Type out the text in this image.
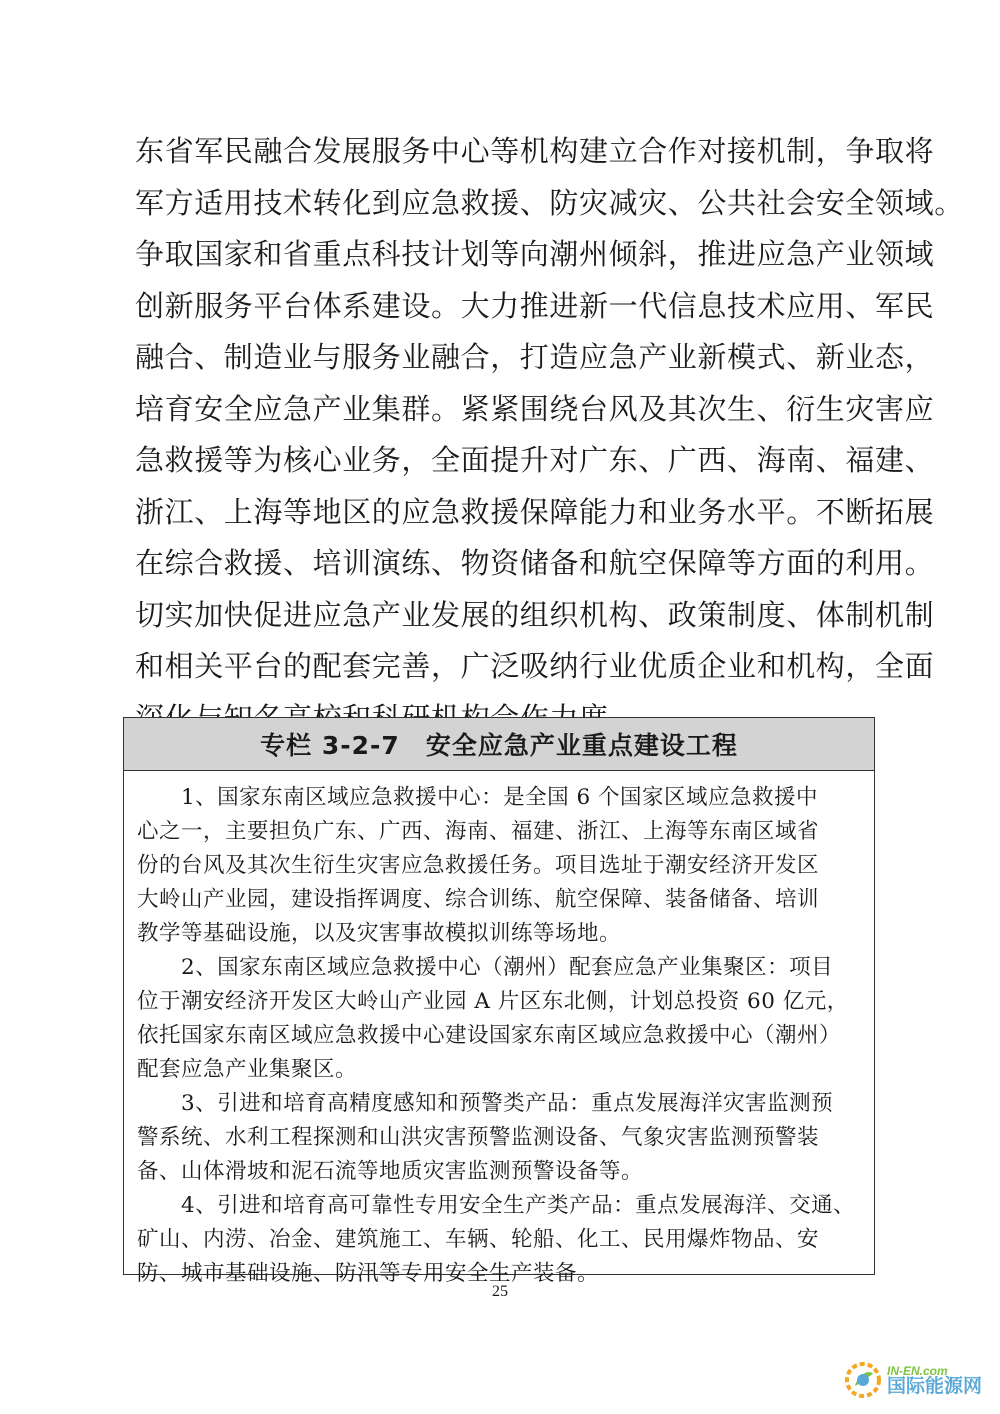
东省军民融合发展服务中心等机构建立合作对接机制，争取将
军方适用技术转化到应急救援、防灾减灾、公共社会安全领域。
争取国家和省重点科技计划等向潮州倾斜，推进应急产业领域
创新服务平台体系建设。大力推进新一代信息技术应用、军民
融合、制造业与服务业融合，打造应急产业新模式、新业态，
培育安全应急产业集群。紧紧围绕台风及其次生、衍生灾害应
急救援等为核心业务，全面提升对广东、广西、海南、福建、
浙江、上海等地区的应急救援保障能力和业务水平。不断拓展
在综合救援、培训演练、物资储备和航空保障等方面的利用。
切实加快促进应急产业发展的组织机构、政策制度、体制机制
和相关平台的配套完善，广泛吸纳行业优质企业和机构，全面
专栏 3-2-7　安全应急产业重点建设工程
　　1、国家东南区域应急救援中心：是全国 6 个国家区域应急救援中
心之一，主要担负广东、广西、海南、福建、浙江、上海等东南区域省
份的台风及其次生衍生灾害应急救援任务。项目选址于潮安经济开发区
大岭山产业园，建设指挥调度、综合训练、航空保障、装备储备、培训
教学等基础设施，以及灾害事故模拟训练等场地。
　　2、国家东南区域应急救援中心（潮州）配套应急产业集聚区：项目
位于潮安经济开发区大岭山产业园 A 片区东北侧，计划总投资 60 亿元，
依托国家东南区域应急救援中心建设国家东南区域应急救援中心（潮州）
配套应急产业集聚区。
　　3、引进和培育高精度感知和预警类产品：重点发展海洋灾害监测预
警系统、水利工程探测和山洪灾害预警监测设备、气象灾害监测预警装
备、山体滑坡和泥石流等地质灾害监测预警设备等。
　　4、引进和培育高可靠性专用安全生产类产品：重点发展海洋、交通、
矿山、内涝、冶金、建筑施工、车辆、轮船、化工、民用爆炸物品、安
防、城市基础设施、防汛等专用安全生产装备。
25
IN-EN.com
国际能源网
